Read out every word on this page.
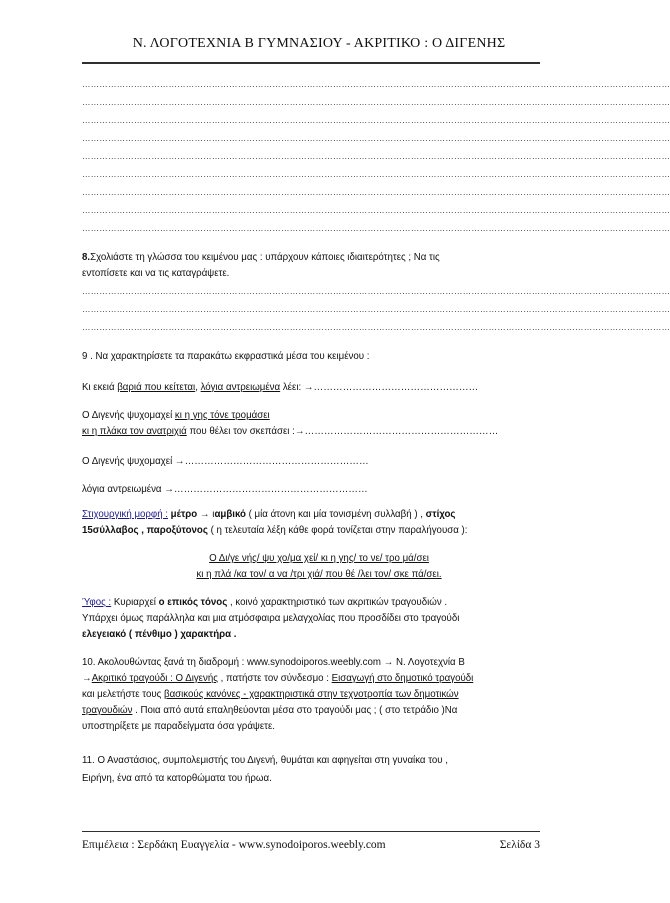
Ν. ΛΟΓΟΤΕΧΝΙΑ Β ΓΥΜΝΑΣΙΟΥ - ΑΚΡΙΤΙΚΟ : Ο ΔΙΓΕΝΗΣ
……………………………………………………………………………………………………………………………………………………………………………………
……………………………………………………………………………………………………………………………………………………………………………………
……………………………………………………………………………………………………………………………………………………………………………………
……………………………………………………………………………………………………………………………………………………………………………………
……………………………………………………………………………………………………………………………………………………………………………………
……………………………………………………………………………………………………………………………………………………………………………………
……………………………………………………………………………………………………………………………………………………………………………………
……………………………………………………………………………………………………………………………………………………………………………………
……………………………………………………………………………………………………………………………………………………………………………………
8.Σχολιάστε τη γλώσσα του κειμένου μας : υπάρχουν κάποιες ιδιαιτερότητες ; Να τις
εντοπίσετε και να τις καταγράψετε.
……………………………………………………………………………………………………………………………………………………………………………………
……………………………………………………………………………………………………………………………………………………………………………………
……………………………………………………………………………………………………………………………………………………………………………………
9 . Να χαρακτηρίσετε τα παρακάτω εκφραστικά μέσα του κειμένου :
Κι εκειά βαριά που κείτεται, λόγια αντρειωμένα λέει: →……………………………………………
Ο Διγενής ψυχομαχεί κι η γης τόνε τρομάσει
κι η πλάκα τον ανατριχιά που θέλει τον σκεπάσει :→……………………………………………………
Ο Διγενής ψυχομαχεί →…………………………………………………
λόγια αντρειωμένα →……………………………………………………
Στιχουργική μορφή : μέτρο → ιαμβικό ( μία άτονη και μία τονισμένη συλλαβή ) , στίχος
15σύλλαβος , παροξύτονος ( η τελευταία λέξη κάθε φορά τονίζεται στην παραλήγουσα ):
Ο Δι/γε νής/ ψυ χο/μα χεί/ κι η γης/ το νε/ τρο μά/σει
κι η πλά /κα τον/ α να /τρι χιά/ που θέ /λει τον/ σκε πά/σει.
Ύφος : Κυριαρχεί ο επικός τόνος , κοινό χαρακτηριστικό των ακριτικών τραγουδιών .
Υπάρχει όμως παράλληλα και μια ατμόσφαιρα μελαγχολίας που προσδίδει στο τραγούδι
ελεγειακό ( πένθιμο ) χαρακτήρα .
10. Ακολουθώντας ξανά τη διαδρομή : www.synodoiporos.weebly.com → Ν. Λογοτεχνία Β
→Ακριτικό τραγούδι : Ο Διγενής , πατήστε τον σύνδεσμο : Εισαγωγή στο δημοτικό τραγούδι
και μελετήστε τους βασικούς κανόνες - χαρακτηριστικά στην τεχνοτροπία των δημοτικών
τραγουδιών . Ποια από αυτά επαληθεύονται μέσα στο τραγούδι μας ; ( στο τετράδιο )Να
υποστηρίξετε με παραδείγματα όσα γράψετε.
11. Ο Αναστάσιος, συμπολεμιστής του Διγενή, θυμάται και αφηγείται στη γυναίκα του ,
Ειρήνη, ένα από τα κατορθώματα του ήρωα.
Επιμέλεια : Σερδάκη Ευαγγελία - www.synodoiporos.weebly.com	Σελίδα 3
